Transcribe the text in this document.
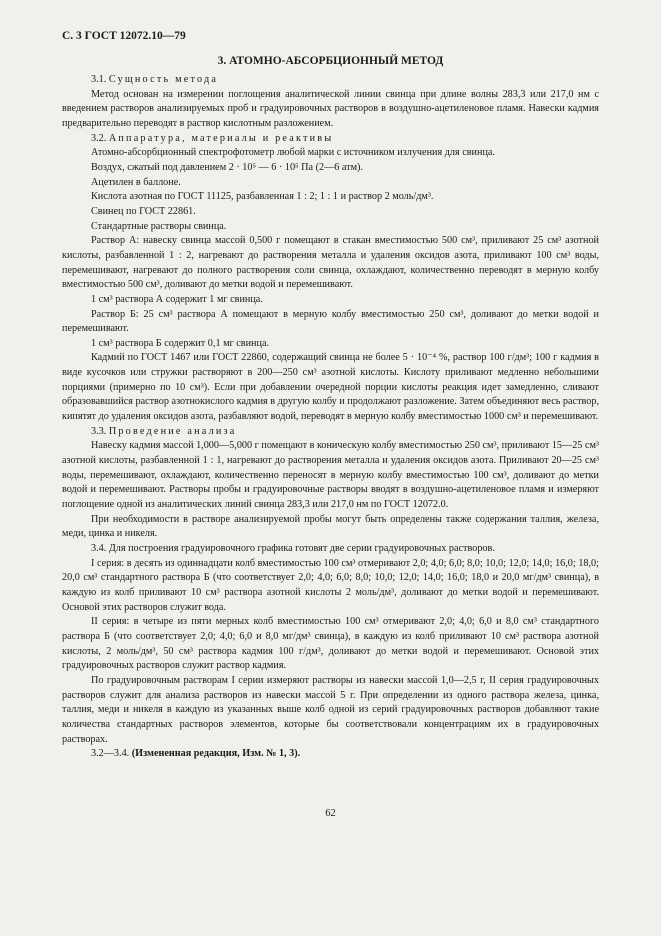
С. 3 ГОСТ 12072.10—79
3. АТОМНО-АБСОРБЦИОННЫЙ МЕТОД

3.1. Сущность метода

Метод основан на измерении поглощения аналитической линии свинца при длине волны 283,3 или 217,0 нм с введением растворов анализируемых проб и градуировочных растворов в воздушно-ацетиленовое пламя. Навески кадмия предварительно переводят в раствор кислотным разложением.

3.2. Аппаратура, материалы и реактивы

Атомно-абсорбционный спектрофотометр любой марки с источником излучения для свинца.

Воздух, сжатый под давлением 2 · 10⁵ — 6 · 10⁵ Па (2—6 атм).

Ацетилен в баллоне.

Кислота азотная по ГОСТ 11125, разбавленная 1 : 2; 1 : 1 и раствор 2 моль/дм³.

Свинец по ГОСТ 22861.

Стандартные растворы свинца.

Раствор А: навеску свинца массой 0,500 г помещают в стакан вместимостью 500 см³, приливают 25 см³ азотной кислоты, разбавленной 1 : 2, нагревают до растворения металла и удаления оксидов азота, приливают 100 см³ воды, перемешивают, нагревают до полного растворения соли свинца, охлаждают, количественно переводят в мерную колбу вместимостью 500 см³, доливают до метки водой и перемешивают.

1 см³ раствора А содержит 1 мг свинца.

Раствор Б: 25 см³ раствора А помещают в мерную колбу вместимостью 250 см³, доливают до метки водой и перемешивают.

1 см³ раствора Б содержит 0,1 мг свинца.

Кадмий по ГОСТ 1467 или ГОСТ 22860, содержащий свинца не более 5 · 10⁻⁴ %, раствор 100 г/дм³; 100 г кадмия в виде кусочков или стружки растворяют в 200—250 см³ азотной кислоты. Кислоту приливают медленно небольшими порциями (примерно по 10 см³). Если при добавлении очередной порции кислоты реакция идет замедленно, сливают образовавшийся раствор азотнокислого кадмия в другую колбу и продолжают разложение. Затем объединяют весь раствор, кипятят до удаления оксидов азота, разбавляют водой, переводят в мерную колбу вместимостью 1000 см³ и перемешивают.

3.3. Проведение анализа

Навеску кадмия массой 1,000—5,000 г помещают в коническую колбу вместимостью 250 см³, приливают 15—25 см³ азотной кислоты, разбавленной 1 : 1, нагревают до растворения металла и удаления оксидов азота. Приливают 20—25 см³ воды, перемешивают, охлаждают, количественно переносят в мерную колбу вместимостью 100 см³, доливают до метки водой и перемешивают. Растворы пробы и градуировочные растворы вводят в воздушно-ацетиленовое пламя и измеряют поглощение одной из аналитических линий свинца 283,3 или 217,0 нм по ГОСТ 12072.0.

При необходимости в растворе анализируемой пробы могут быть определены также содержания таллия, железа, меди, цинка и никеля.

3.4. Для построения градуировочного графика готовят две серии градуировочных растворов.

I серия: в десять из одиннадцати колб вместимостью 100 см³ отмеривают 2,0; 4,0; 6,0; 8,0; 10,0; 12,0; 14,0; 16,0; 18,0; 20,0 см³ стандартного раствора Б (что соответствует 2,0; 4,0; 6,0; 8,0; 10,0; 12,0; 14,0; 16,0; 18,0 и 20,0 мг/дм³ свинца), в каждую из колб приливают 10 см³ раствора азотной кислоты 2 моль/дм³, доливают до метки водой и перемешивают. Основой этих растворов служит вода.

II серия: в четыре из пяти мерных колб вместимостью 100 см³ отмеривают 2,0; 4,0; 6,0 и 8,0 см³ стандартного раствора Б (что соответствует 2,0; 4,0; 6,0 и 8,0 мг/дм³ свинца), в каждую из колб приливают 10 см³ раствора азотной кислоты, 2 моль/дм³, 50 см³ раствора кадмия 100 г/дм³, доливают до метки водой и перемешивают. Основой этих градуировочных растворов служит раствор кадмия.

По градуировочным растворам I серии измеряют растворы из навески массой 1,0—2,5 г, II серия градуировочных растворов служит для анализа растворов из навески массой 5 г. При определении из одного раствора железа, цинка, таллия, меди и никеля в каждую из указанных выше колб одной из серий градуировочных растворов добавляют такие количества стандартных растворов элементов, которые бы соответствовали концентрациям их в градуировочных растворах.

3.2—3.4. (Измененная редакция, Изм. № 1, 3).

62
